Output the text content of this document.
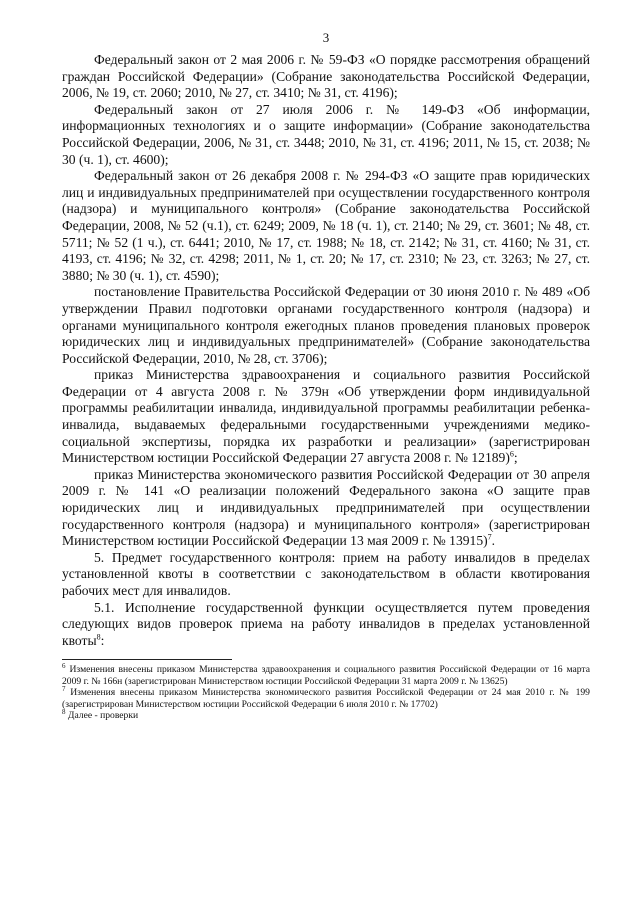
3

Федеральный закон от 2 мая 2006 г. № 59-ФЗ «О порядке рассмотрения обращений граждан Российской Федерации» (Собрание законодательства Российской Федерации, 2006, № 19, ст. 2060; 2010, № 27, ст. 3410; № 31, ст. 4196);

Федеральный закон от 27 июля 2006 г. № 149-ФЗ «Об информации, информационных технологиях и о защите информации» (Собрание законодательства Российской Федерации, 2006, № 31, ст. 3448; 2010, № 31, ст. 4196; 2011, № 15, ст. 2038; № 30 (ч. 1), ст. 4600);

Федеральный закон от 26 декабря 2008 г. № 294-ФЗ «О защите прав юридических лиц и индивидуальных предпринимателей при осуществлении государственного контроля (надзора) и муниципального контроля» (Собрание законодательства Российской Федерации, 2008, № 52 (ч.1), ст. 6249; 2009, № 18 (ч. 1), ст. 2140; № 29, ст. 3601; № 48, ст. 5711; № 52 (1 ч.), ст. 6441; 2010, № 17, ст. 1988; № 18, ст. 2142; № 31, ст. 4160; № 31, ст. 4193, ст. 4196; № 32, ст. 4298; 2011, № 1, ст. 20; № 17, ст. 2310; № 23, ст. 3263; № 27, ст. 3880; № 30 (ч. 1), ст. 4590);

постановление Правительства Российской Федерации от 30 июня 2010 г. № 489 «Об утверждении Правил подготовки органами государственного контроля (надзора) и органами муниципального контроля ежегодных планов проведения плановых проверок юридических лиц и индивидуальных предпринимателей» (Собрание законодательства Российской Федерации, 2010, № 28, ст. 3706);

приказ Министерства здравоохранения и социального развития Российской Федерации от 4 августа 2008 г. № 379н «Об утверждении форм индивидуальной программы реабилитации инвалида, индивидуальной программы реабилитации ребенка-инвалида, выдаваемых федеральными государственными учреждениями медико-социальной экспертизы, порядка их разработки и реализации» (зарегистрирован Министерством юстиции Российской Федерации 27 августа 2008 г. № 12189)$^6$;

приказ Министерства экономического развития Российской Федерации от 30 апреля 2009 г. № 141 «О реализации положений Федерального закона «О защите прав юридических лиц и индивидуальных предпринимателей при осуществлении государственного контроля (надзора) и муниципального контроля» (зарегистрирован Министерством юстиции Российской Федерации 13 мая 2009 г. № 13915)$^7$.

5. Предмет государственного контроля: прием на работу инвалидов в пределах установленной квоты в соответствии с законодательством в области квотирования рабочих мест для инвалидов.

5.1. Исполнение государственной функции осуществляется путем проведения следующих видов проверок приема на работу инвалидов в пределах установленной квоты$^8$:

$^6$ Изменения внесены приказом Министерства здравоохранения и социального развития Российской Федерации от 16 марта 2009 г. № 166н (зарегистрирован Министерством юстиции Российской Федерации 31 марта 2009 г. № 13625)

$^7$ Изменения внесены приказом Министерства экономического развития Российской Федерации от 24 мая 2010 г. № 199 (зарегистрирован Министерством юстиции Российской Федерации 6 июля 2010 г. № 17702)

$^8$ Далее - проверки
